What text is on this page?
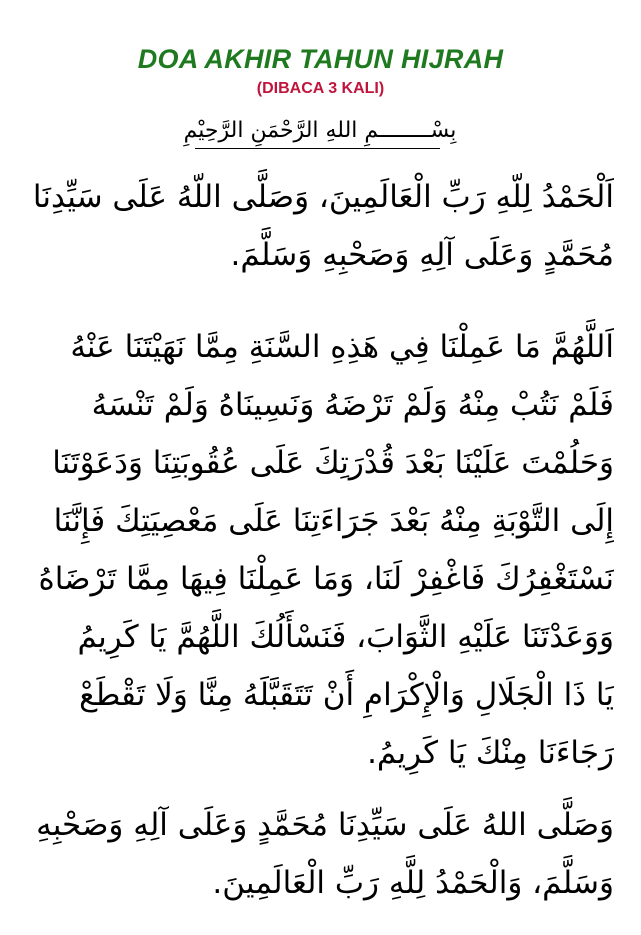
DOA AKHIR TAHUN HIJRAH
(DIBACA 3 KALI)
بِسْــــــــمِ اللهِ الرَّحْمَنِ الرَّحِيْمِ
اَلْحَمْدُ لِلّهِ رَبِّ الْعَالَمِينَ، وَصَلَّى اللّهُ عَلَى سَيِّدِنَا
مُحَمَّدٍ وَعَلَى آلِهِ وَصَحْبِهِ وَسَلَّمَ.
اَللَّهُمَّ مَا عَمِلْنَا فِي هَذِهِ السَّنَةِ مِمَّا نَهَيْتَنَا عَنْهُ
فَلَمْ نَتُبْ مِنْهُ وَلَمْ تَرْضَهُ وَنَسِينَاهُ وَلَمْ تَنْسَهُ
وَحَلُمْتَ عَلَيْنَا بَعْدَ قُدْرَتِكَ عَلَى عُقُوبَتِنَا وَدَعَوْتَنَا
إِلَى التَّوْبَةِ مِنْهُ بَعْدَ جَرَاءَتِنَا عَلَى مَعْصِيَتِكَ فَإِنَّنَا
نَسْتَغْفِرُكَ فَاغْفِرْ لَنَا، وَمَا عَمِلْنَا فِيهَا مِمَّا تَرْضَاهُ
وَوَعَدْتَنَا عَلَيْهِ الثَّوَابَ، فَنَسْأَلُكَ اللَّهُمَّ يَا كَرِيمُ
يَا ذَا الْجَلَالِ وَالْإِكْرَامِ أَنْ تَتَقَبَّلَهُ مِنَّا وَلَا تَقْطَعْ
رَجَاءَنَا مِنْكَ يَا كَرِيمُ.
وَصَلَّى اللهُ عَلَى سَيِّدِنَا مُحَمَّدٍ وَعَلَى آلِهِ وَصَحْبِهِ
وَسَلَّمَ، وَالْحَمْدُ لِلَّهِ رَبِّ الْعَالَمِينَ.
